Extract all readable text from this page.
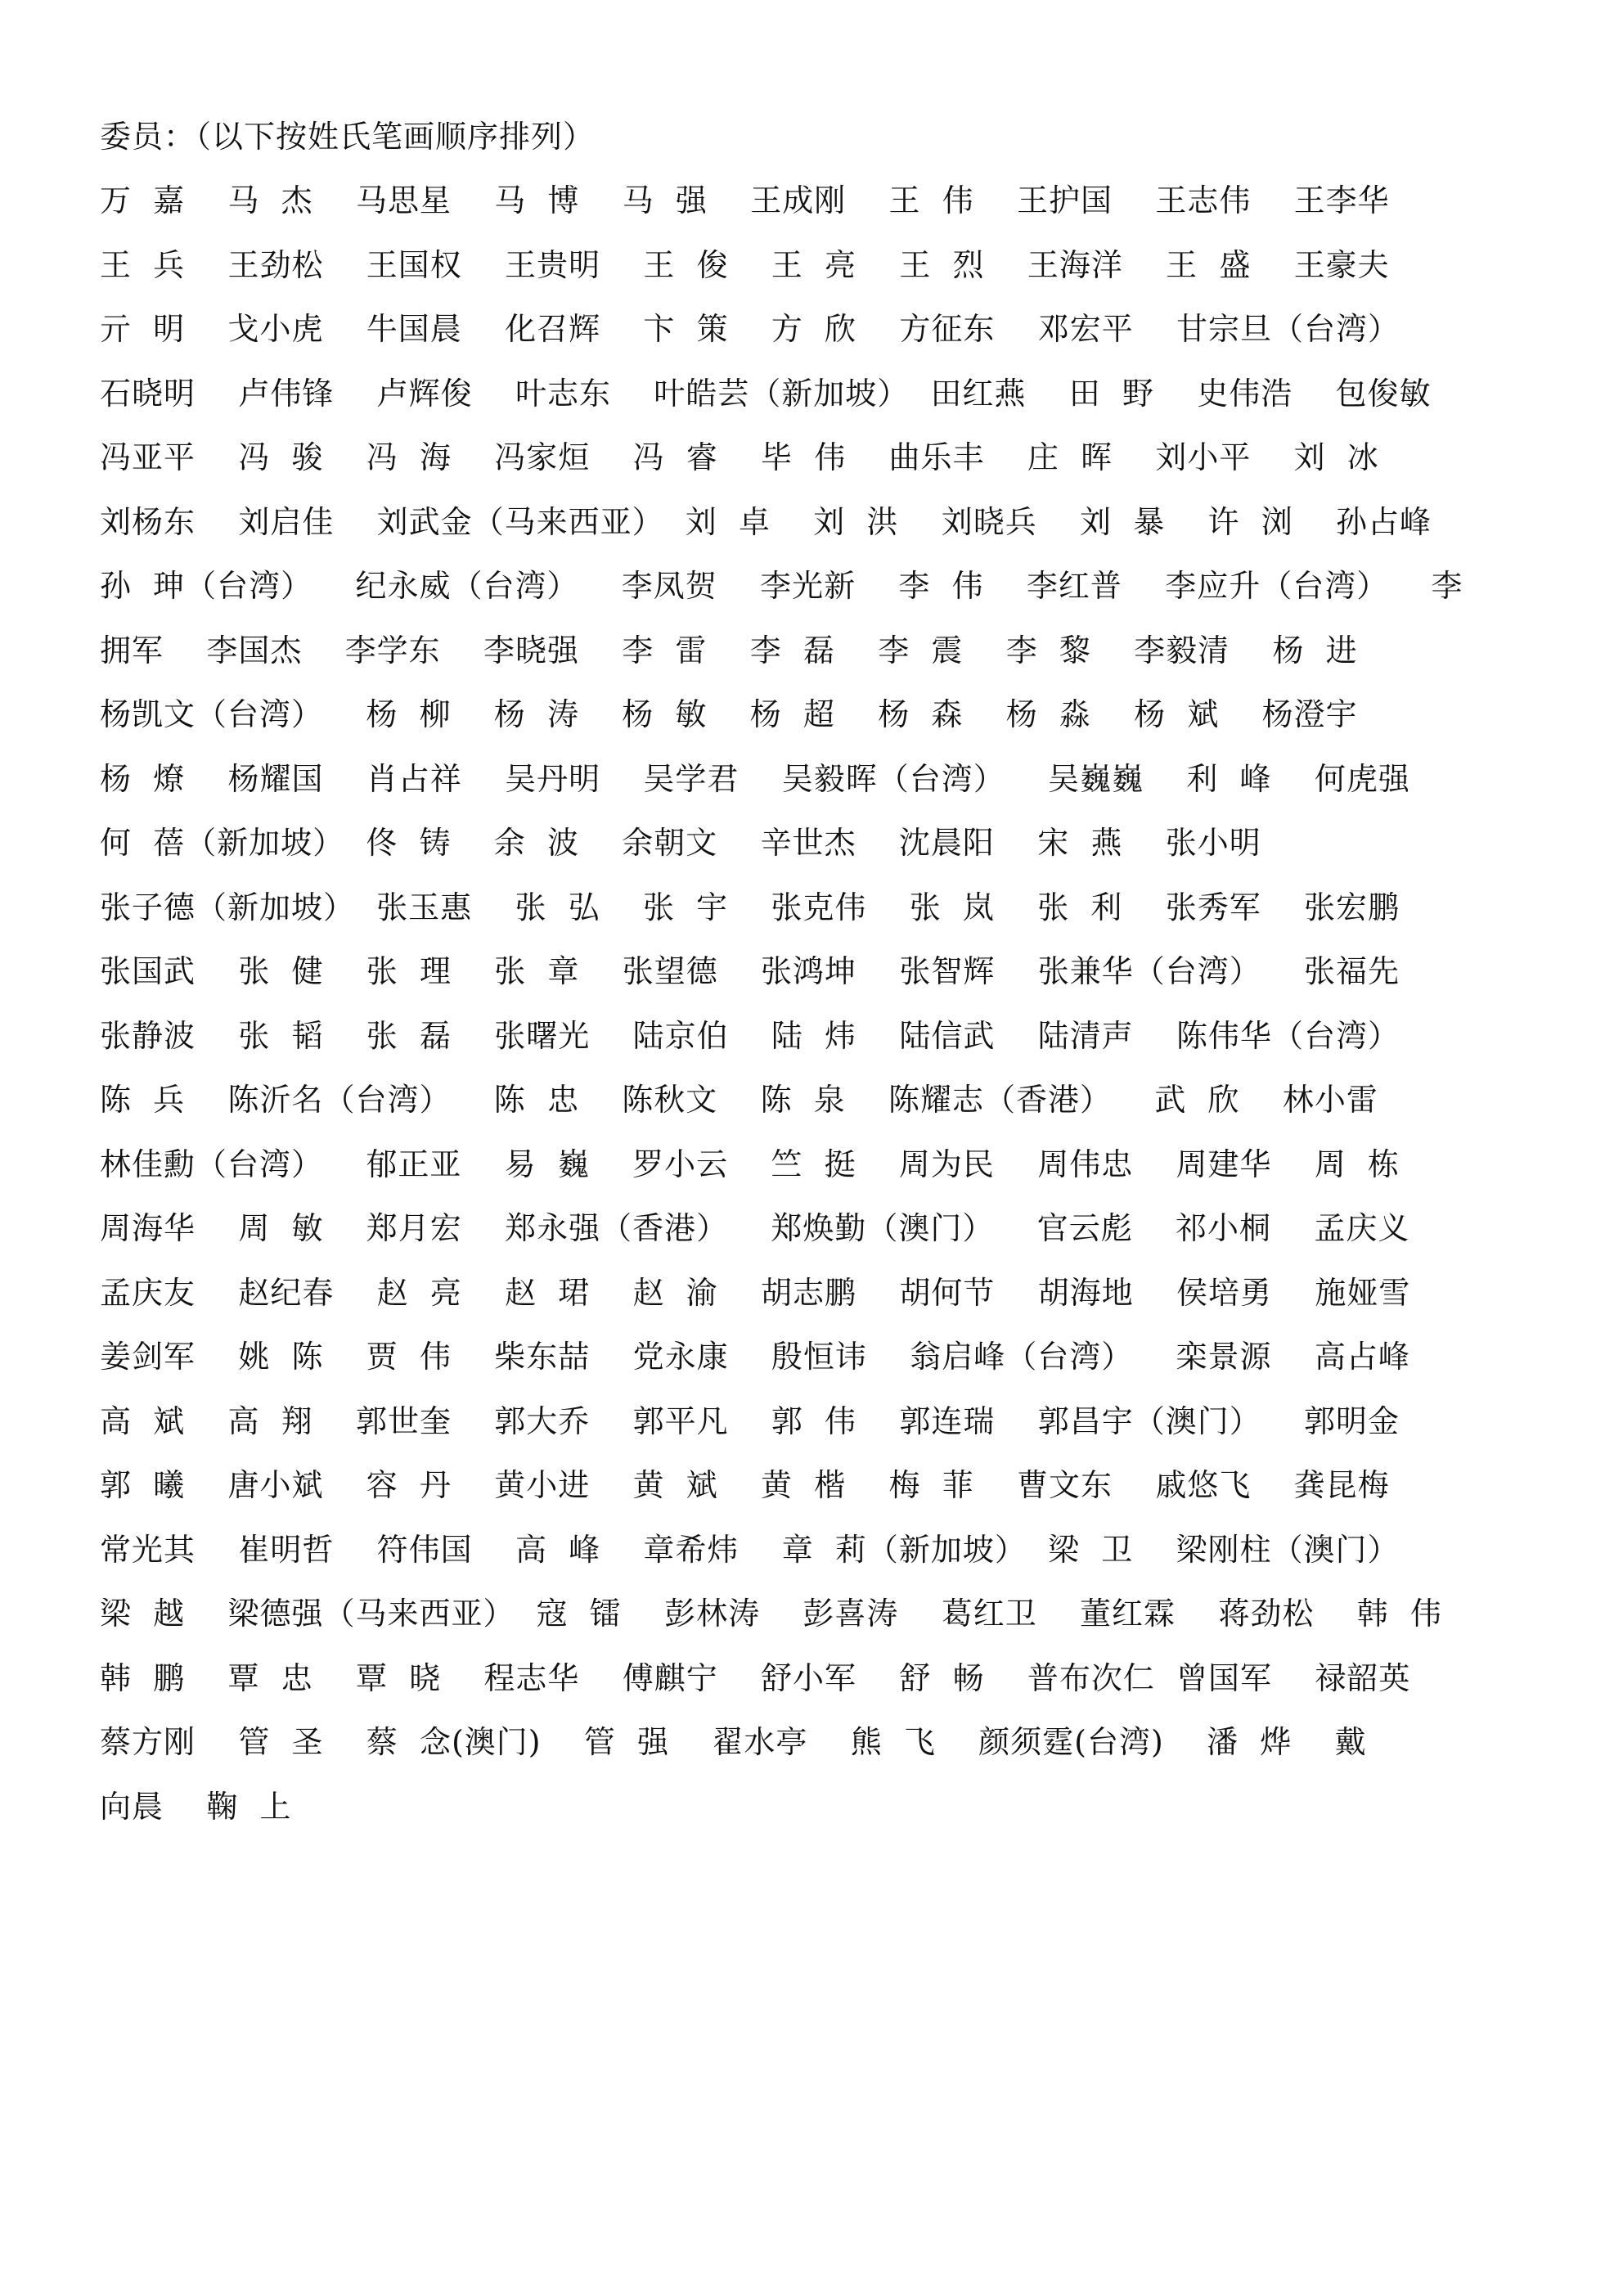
委员：（以下按姓氏笔画顺序排列）
万  嘉    马  杰    马思星    马  博    马  强    王成刚    王  伟    王护国    王志伟    王李华
王  兵    王劲松    王国权    王贵明    王  俊    王  亮    王  烈    王海洋    王  盛    王豪夫
亓  明    戈小虎    牛国晨    化召辉    卞  策    方  欣    方征东    邓宏平    甘宗旦（台湾）
石晓明    卢伟锋    卢辉俊    叶志东    叶皓芸（新加坡）  田红燕    田  野    史伟浩    包俊敏
冯亚平    冯  骏    冯  海    冯家烜    冯  睿    毕  伟    曲乐丰    庄  晖    刘小平    刘  冰
刘杨东    刘启佳    刘武金（马来西亚）  刘  卓    刘  洪    刘晓兵    刘  暴    许  浏    孙占峰
孙  珅（台湾）    纪永威（台湾）    李凤贺    李光新    李  伟    李红普    李应升（台湾）    李
拥军    李国杰    李学东    李晓强    李  雷    李  磊    李  震    李  黎    李毅清    杨  进
杨凯文（台湾）    杨  柳    杨  涛    杨  敏    杨  超    杨  森    杨  淼    杨  斌    杨澄宇
杨  燎    杨耀国    肖占祥    吴丹明    吴学君    吴毅晖（台湾）    吴巍巍    利  峰    何虎强
何  蓓（新加坡）  佟  铸    余  波    余朝文    辛世杰    沈晨阳    宋  燕    张小明
张子德（新加坡）  张玉惠    张  弘    张  宇    张克伟    张  岚    张  利    张秀军    张宏鹏
张国武    张  健    张  理    张  章    张望德    张鸿坤    张智辉    张兼华（台湾）    张福先
张静波    张  韬    张  磊    张曙光    陆京伯    陆  炜    陆信武    陆清声    陈伟华（台湾）
陈  兵    陈沂名（台湾）    陈  忠    陈秋文    陈  泉    陈耀志（香港）    武  欣    林小雷
林佳勳（台湾）    郁正亚    易  巍    罗小云    竺  挺    周为民    周伟忠    周建华    周  栋
周海华    周  敏    郑月宏    郑永强（香港）    郑焕勤（澳门）    官云彪    祁小桐    孟庆义
孟庆友    赵纪春    赵  亮    赵  珺    赵  渝    胡志鹏    胡何节    胡海地    侯培勇    施娅雪
姜剑军    姚  陈    贾  伟    柴东喆    党永康    殷恒讳    翁启峰（台湾）    栾景源    高占峰
高  斌    高  翔    郭世奎    郭大乔    郭平凡    郭  伟    郭连瑞    郭昌宇（澳门）    郭明金
郭  曦    唐小斌    容  丹    黄小进    黄  斌    黄  楷    梅  菲    曹文东    戚悠飞    龚昆梅
常光其    崔明哲    符伟国    高  峰    章希炜    章  莉（新加坡）  梁  卫    梁刚柱（澳门）
梁  越    梁德强（马来西亚）  寇  镭    彭林涛    彭喜涛    葛红卫    董红霖    蒋劲松    韩  伟
韩  鹏    覃  忠    覃  晓    程志华    傅麒宁    舒小军    舒  畅    普布次仁  曾国军    禄韶英
蔡方刚    管  圣    蔡  念(澳门)    管  强    翟水亭    熊  飞    颜须霆(台湾)    潘  烨    戴
向晨    鞠  上
